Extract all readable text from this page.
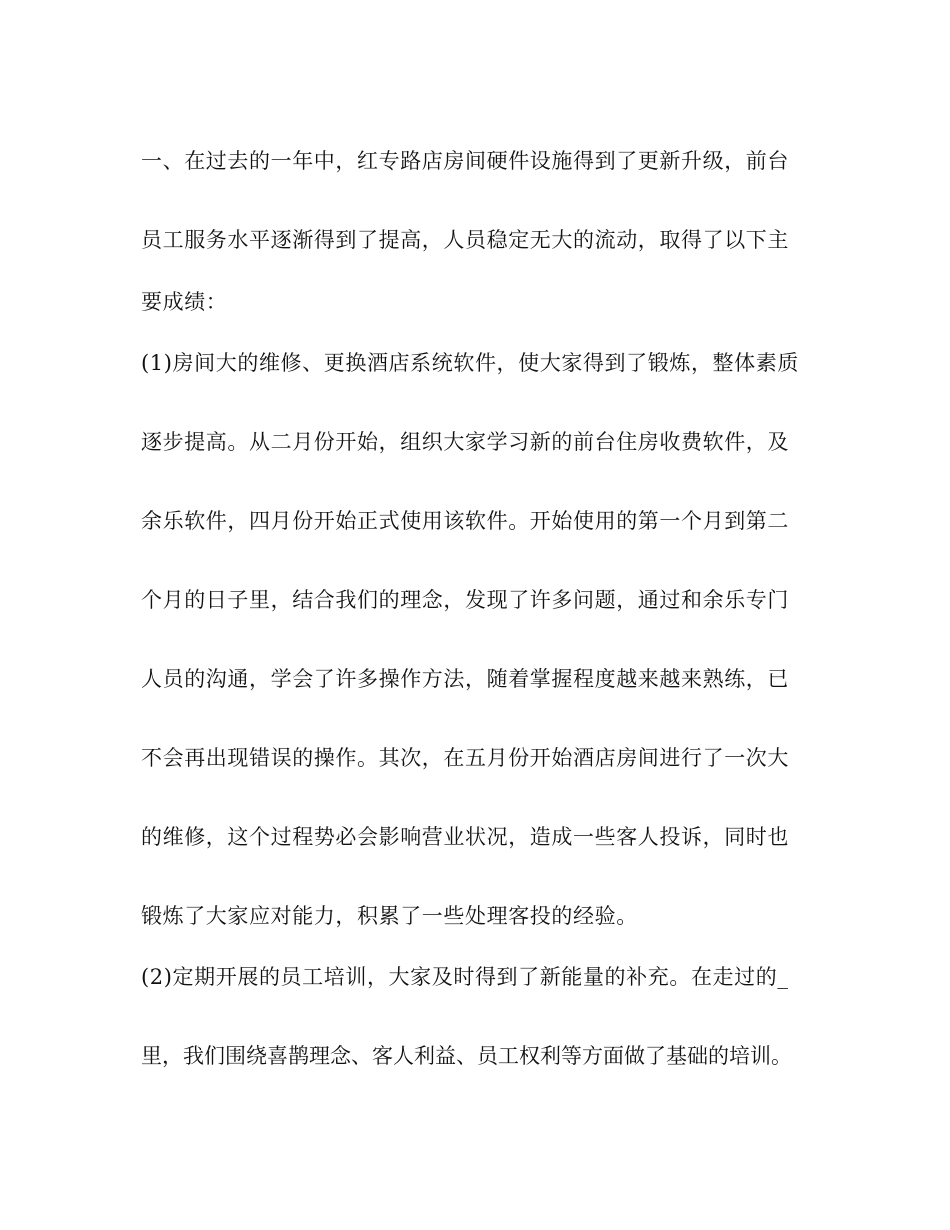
一、在过去的一年中，红专路店房间硬件设施得到了更新升级，前台

员工服务水平逐渐得到了提高，人员稳定无大的流动，取得了以下主

要成绩：

(1)房间大的维修、更换酒店系统软件，使大家得到了锻炼，整体素质

逐步提高。从二月份开始，组织大家学习新的前台住房收费软件，及

余乐软件，四月份开始正式使用该软件。开始使用的第一个月到第二

个月的日子里，结合我们的理念，发现了许多问题，通过和余乐专门

人员的沟通，学会了许多操作方法，随着掌握程度越来越来熟练，已

不会再出现错误的操作。其次，在五月份开始酒店房间进行了一次大

的维修，这个过程势必会影响营业状况，造成一些客人投诉，同时也

锻炼了大家应对能力，积累了一些处理客投的经验。

(2)定期开展的员工培训，大家及时得到了新能量的补充。在走过的_

里，我们围绕喜鹊理念、客人利益、员工权利等方面做了基础的培训。
